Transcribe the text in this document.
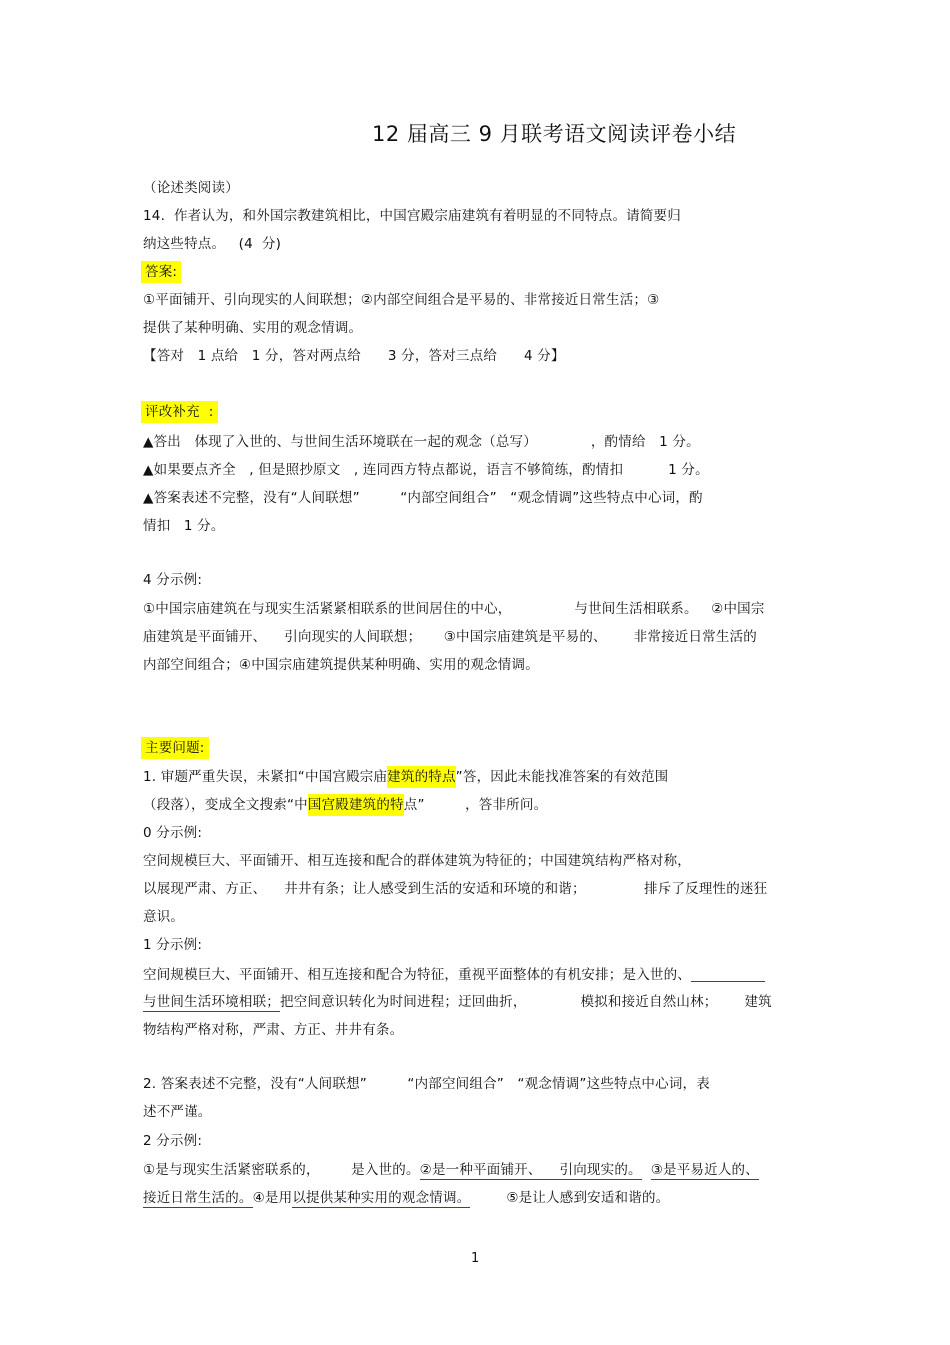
12 届高三 9 月联考语文阅读评卷小结
（论述类阅读）
14.  作者认为，和外国宗教建筑相比，中国宫殿宗庙建筑有着明显的不同特点。请简要归
纳这些特点。   (4  分)
答案:
①平面铺开、引向现实的人间联想；②内部空间组合是平易的、非常接近日常生活；③
提供了某种明确、实用的观念情调。
【答对   1 点给   1 分，答对两点给      3 分，答对三点给      4 分】
评改补充  :
▲答出   体现了入世的、与世间生活环境联在一起的观念（总写）            ，酌情给   1 分。
▲如果要点齐全   , 但是照抄原文   , 连同西方特点都说，语言不够简练，酌情扣          1 分。
▲答案表述不完整，没有“人间联想”         “内部空间组合”   “观念情调”这些特点中心词，酌
情扣   1 分。
4 分示例:
①中国宗庙建筑在与现实生活紧紧相联系的世间居住的中心，              与世间生活相联系。   ②中国宗
庙建筑是平面铺开、    引向现实的人间联想；     ③中国宗庙建筑是平易的、      非常接近日常生活的
内部空间组合；④中国宗庙建筑提供某种明确、实用的观念情调。
主要问题:
1. 审题严重失误，未紧扣“中国宫殿宗庙建筑的特点”答，因此未能找准答案的有效范围
（段落），变成全文搜索“中国宫殿建筑的特点”         ，答非所问。
0 分示例:
空间规模巨大、平面铺开、相互连接和配合的群体建筑为特征的；中国建筑结构严格对称，
以展现严肃、方正、    井井有条；让人感受到生活的安适和环境的和谐；             排斥了反理性的迷狂
意识。
1 分示例:
空间规模巨大、平面铺开、相互连接和配合为特征，重视平面整体的有机安排；是入世的、
与世间生活环境相联；把空间意识转化为时间进程；迂回曲折，            模拟和接近自然山林；      建筑
物结构严格对称，严肃、方正、井井有条。
2. 答案表述不完整，没有“人间联想”         “内部空间组合”   “观念情调”这些特点中心词，表
述不严谨。
2 分示例:
①是与现实生活紧密联系的，       是入世的。②是一种平面铺开、    引向现实的。 ③是平易近人的、
接近日常生活的。④是用以提供某种实用的观念情调。        ⑤是让人感到安适和谐的。
1
